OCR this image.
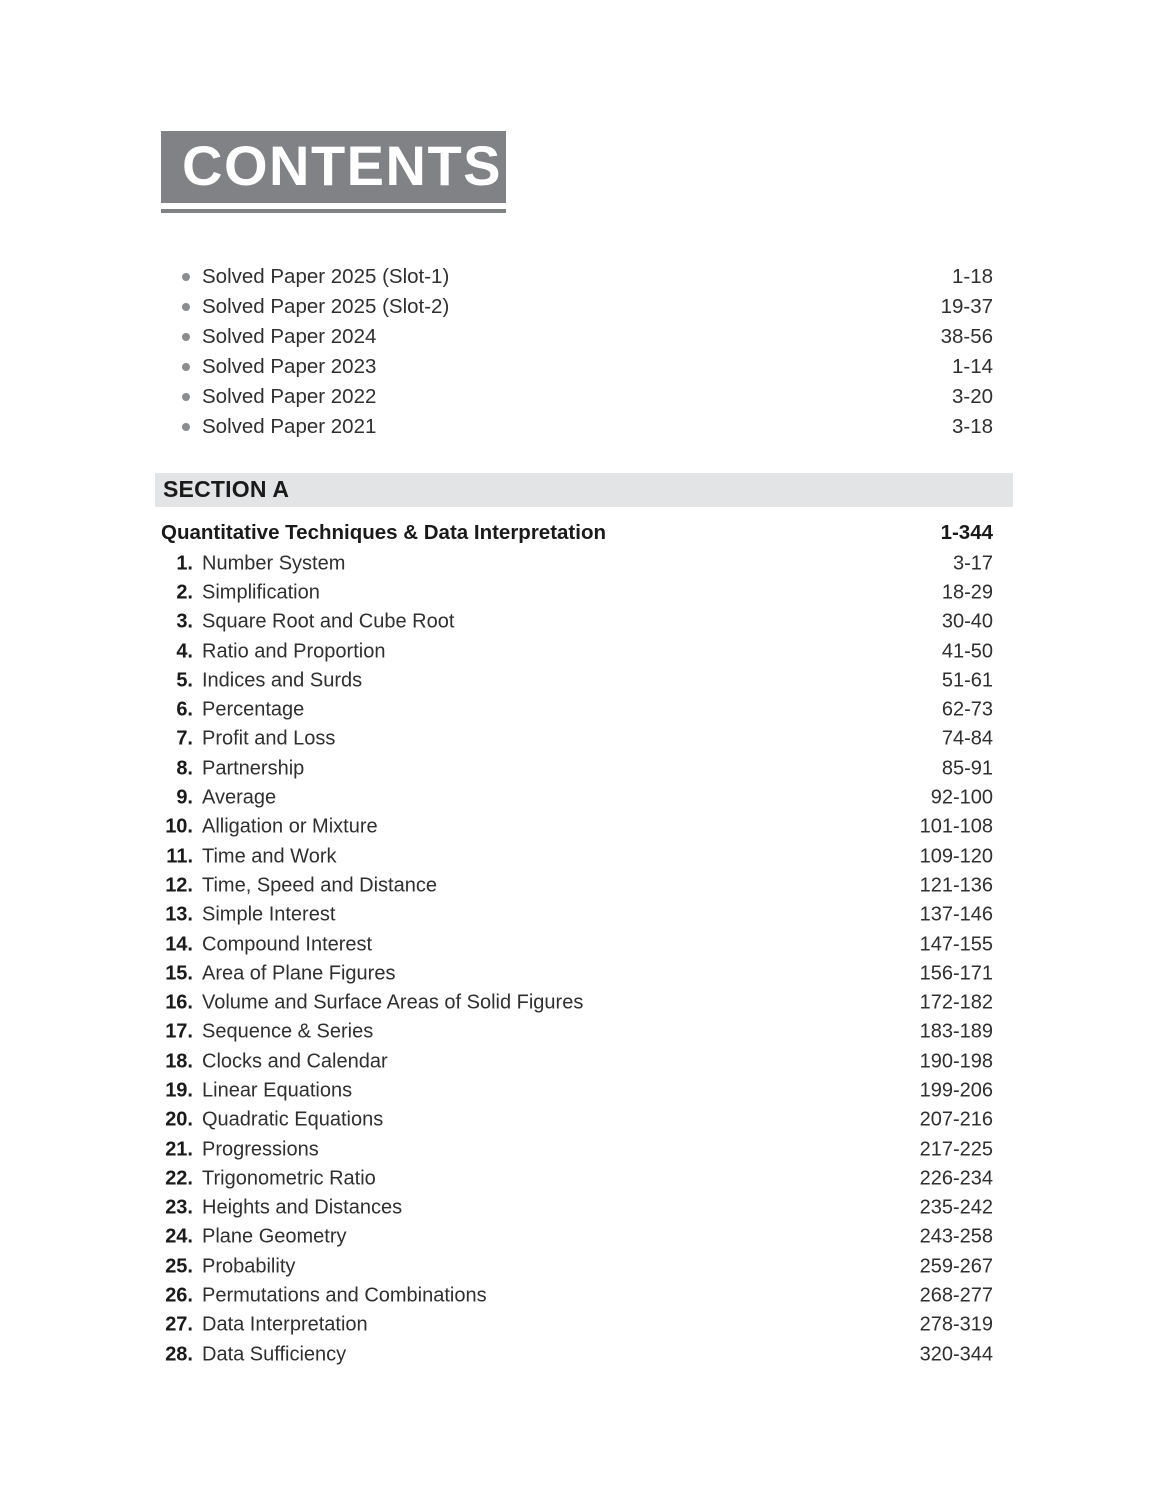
CONTENTS
Solved Paper 2025 (Slot-1)	1-18
Solved Paper 2025 (Slot-2)	19-37
Solved Paper 2024	38-56
Solved Paper 2023	1-14
Solved Paper 2022	3-20
Solved Paper 2021	3-18
SECTION A
Quantitative Techniques & Data Interpretation	1-344
1. Number System	3-17
2. Simplification	18-29
3. Square Root and Cube Root	30-40
4. Ratio and Proportion	41-50
5. Indices and Surds	51-61
6. Percentage	62-73
7. Profit and Loss	74-84
8. Partnership	85-91
9. Average	92-100
10. Alligation or Mixture	101-108
11. Time and Work	109-120
12. Time, Speed and Distance	121-136
13. Simple Interest	137-146
14. Compound Interest	147-155
15. Area of Plane Figures	156-171
16. Volume and Surface Areas of Solid Figures	172-182
17. Sequence & Series	183-189
18. Clocks and Calendar	190-198
19. Linear Equations	199-206
20. Quadratic Equations	207-216
21. Progressions	217-225
22. Trigonometric Ratio	226-234
23. Heights and Distances	235-242
24. Plane Geometry	243-258
25. Probability	259-267
26. Permutations and Combinations	268-277
27. Data Interpretation	278-319
28. Data Sufficiency	320-344
